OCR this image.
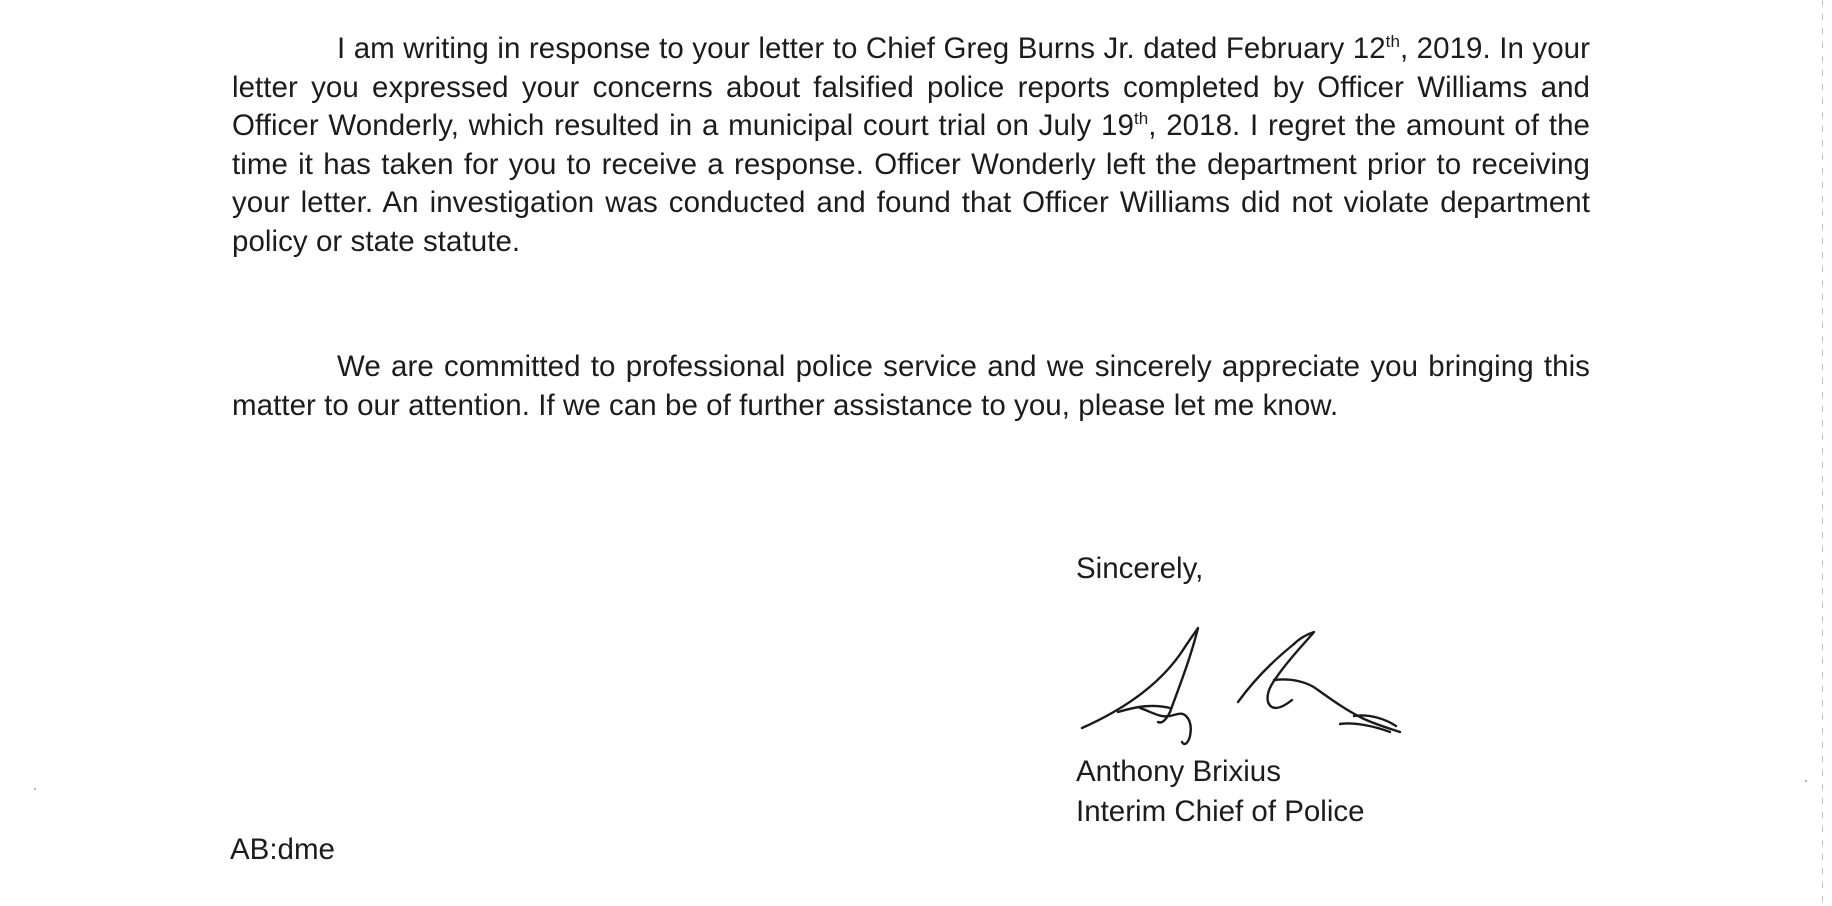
I am writing in response to your letter to Chief Greg Burns Jr. dated February 12th, 2019. In your letter you expressed your concerns about falsified police reports completed by Officer Williams and Officer Wonderly, which resulted in a municipal court trial on July 19th, 2018. I regret the amount of the time it has taken for you to receive a response. Officer Wonderly left the department prior to receiving your letter. An investigation was conducted and found that Officer Williams did not violate department policy or state statute.

We are committed to professional police service and we sincerely appreciate you bringing this matter to our attention. If we can be of further assistance to you, please let me know.

Sincerely,

Anthony Brixius
Interim Chief of Police

AB:dme
